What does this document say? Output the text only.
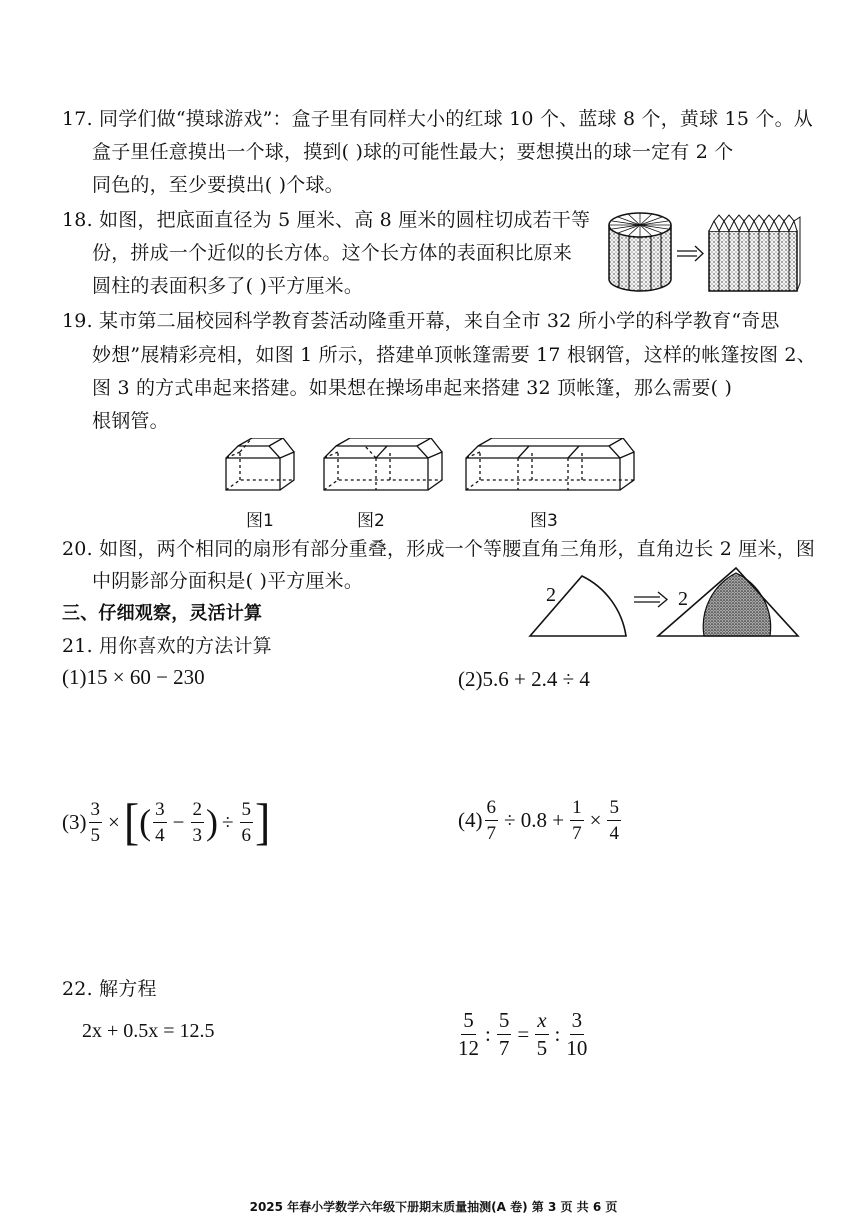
17. 同学们做“摸球游戏”：盒子里有同样大小的红球 10 个、蓝球 8 个，黄球 15 个。从
盒子里任意摸出一个球，摸到( )球的可能性最大；要想摸出的球一定有 2 个
同色的，至少要摸出( )个球。
18. 如图，把底面直径为 5 厘米、高 8 厘米的圆柱切成若干等
份，拼成一个近似的长方体。这个长方体的表面积比原来
圆柱的表面积多了( )平方厘米。
19. 某市第二届校园科学教育荟活动隆重开幕，来自全市 32 所小学的科学教育“奇思
妙想”展精彩亮相，如图 1 所示，搭建单顶帐篷需要 17 根钢管，这样的帐篷按图 2、
图 3 的方式串起来搭建。如果想在操场串起来搭建 32 顶帐篷，那么需要( )
根钢管。
图1	图2	图3
20. 如图，两个相同的扇形有部分重叠，形成一个等腰直角三角形，直角边长 2 厘米，图
中阴影部分面积是( )平方厘米。
2	2
三、仔细观察，灵活计算
21. 用你喜欢的方法计算
(1) 15 × 60 − 230	(2) 5.6 + 2.4 ÷ 4
$(3) \frac{3}{5}$ × [ ( $\frac{3}{4} - \frac{2}{3}$ ) ÷ $\frac{5}{6}$ ]	$(4) \frac{6}{7} \div 0.8 + \frac{1}{7} \times \frac{5}{4}$
22. 解方程
2x + 0.5x = 12.5	$\frac{5}{12}$ : $\frac{5}{7} = \frac{x}{5}$ : $\frac{3}{10}$
2025 年春小学数学六年级下册期末质量抽测(A 卷) 第 3 页 共 6 页
